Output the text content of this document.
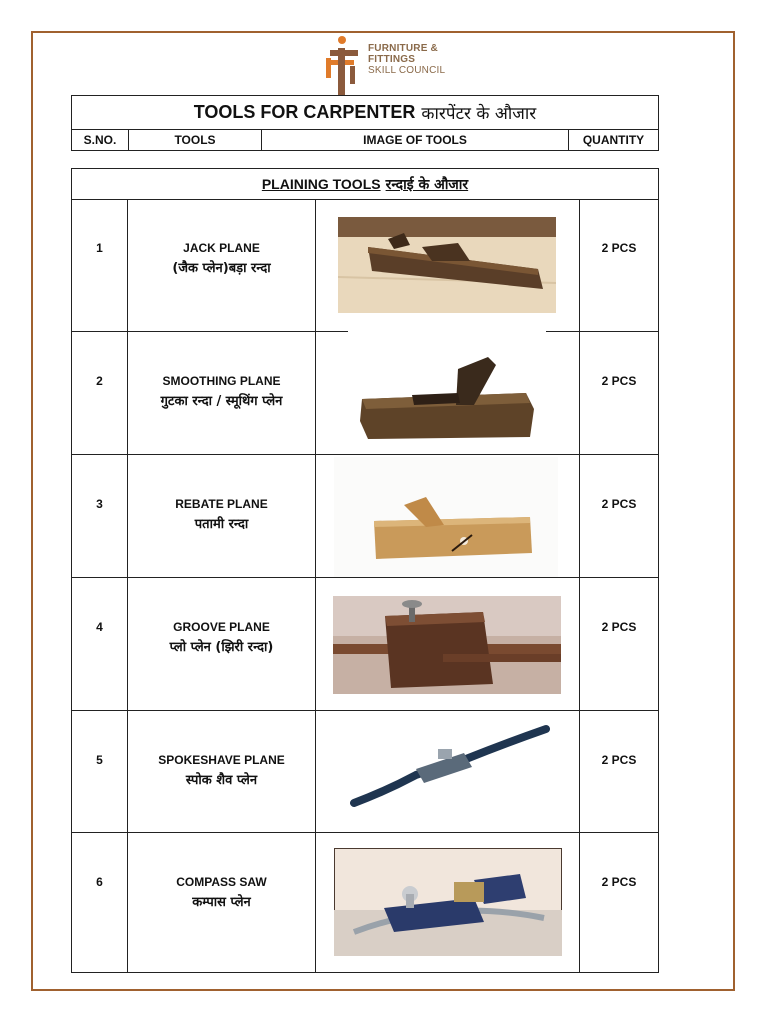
FURNITURE &
FITTINGS
SKILL COUNCIL
TOOLS FOR CARPENTER कारपेंटर के औजार
S.NO.	TOOLS	IMAGE OF TOOLS	QUANTITY
PLAINING TOOLS रन्दाई के औजार
1	JACK PLANE
(जैक प्लेन)बड़ा रन्दा
2 PCS
2	SMOOTHING PLANE
गुटका रन्दा / स्मूथिंग प्लेन
2 PCS
3	REBATE PLANE
पतामी रन्दा
2 PCS
4	GROOVE PLANE
प्लो प्लेन (झिरी रन्दा)
2 PCS
5	SPOKESHAVE PLANE
स्पोक शैव प्लेन
2 PCS
6	COMPASS SAW
कम्पास प्लेन
2 PCS
